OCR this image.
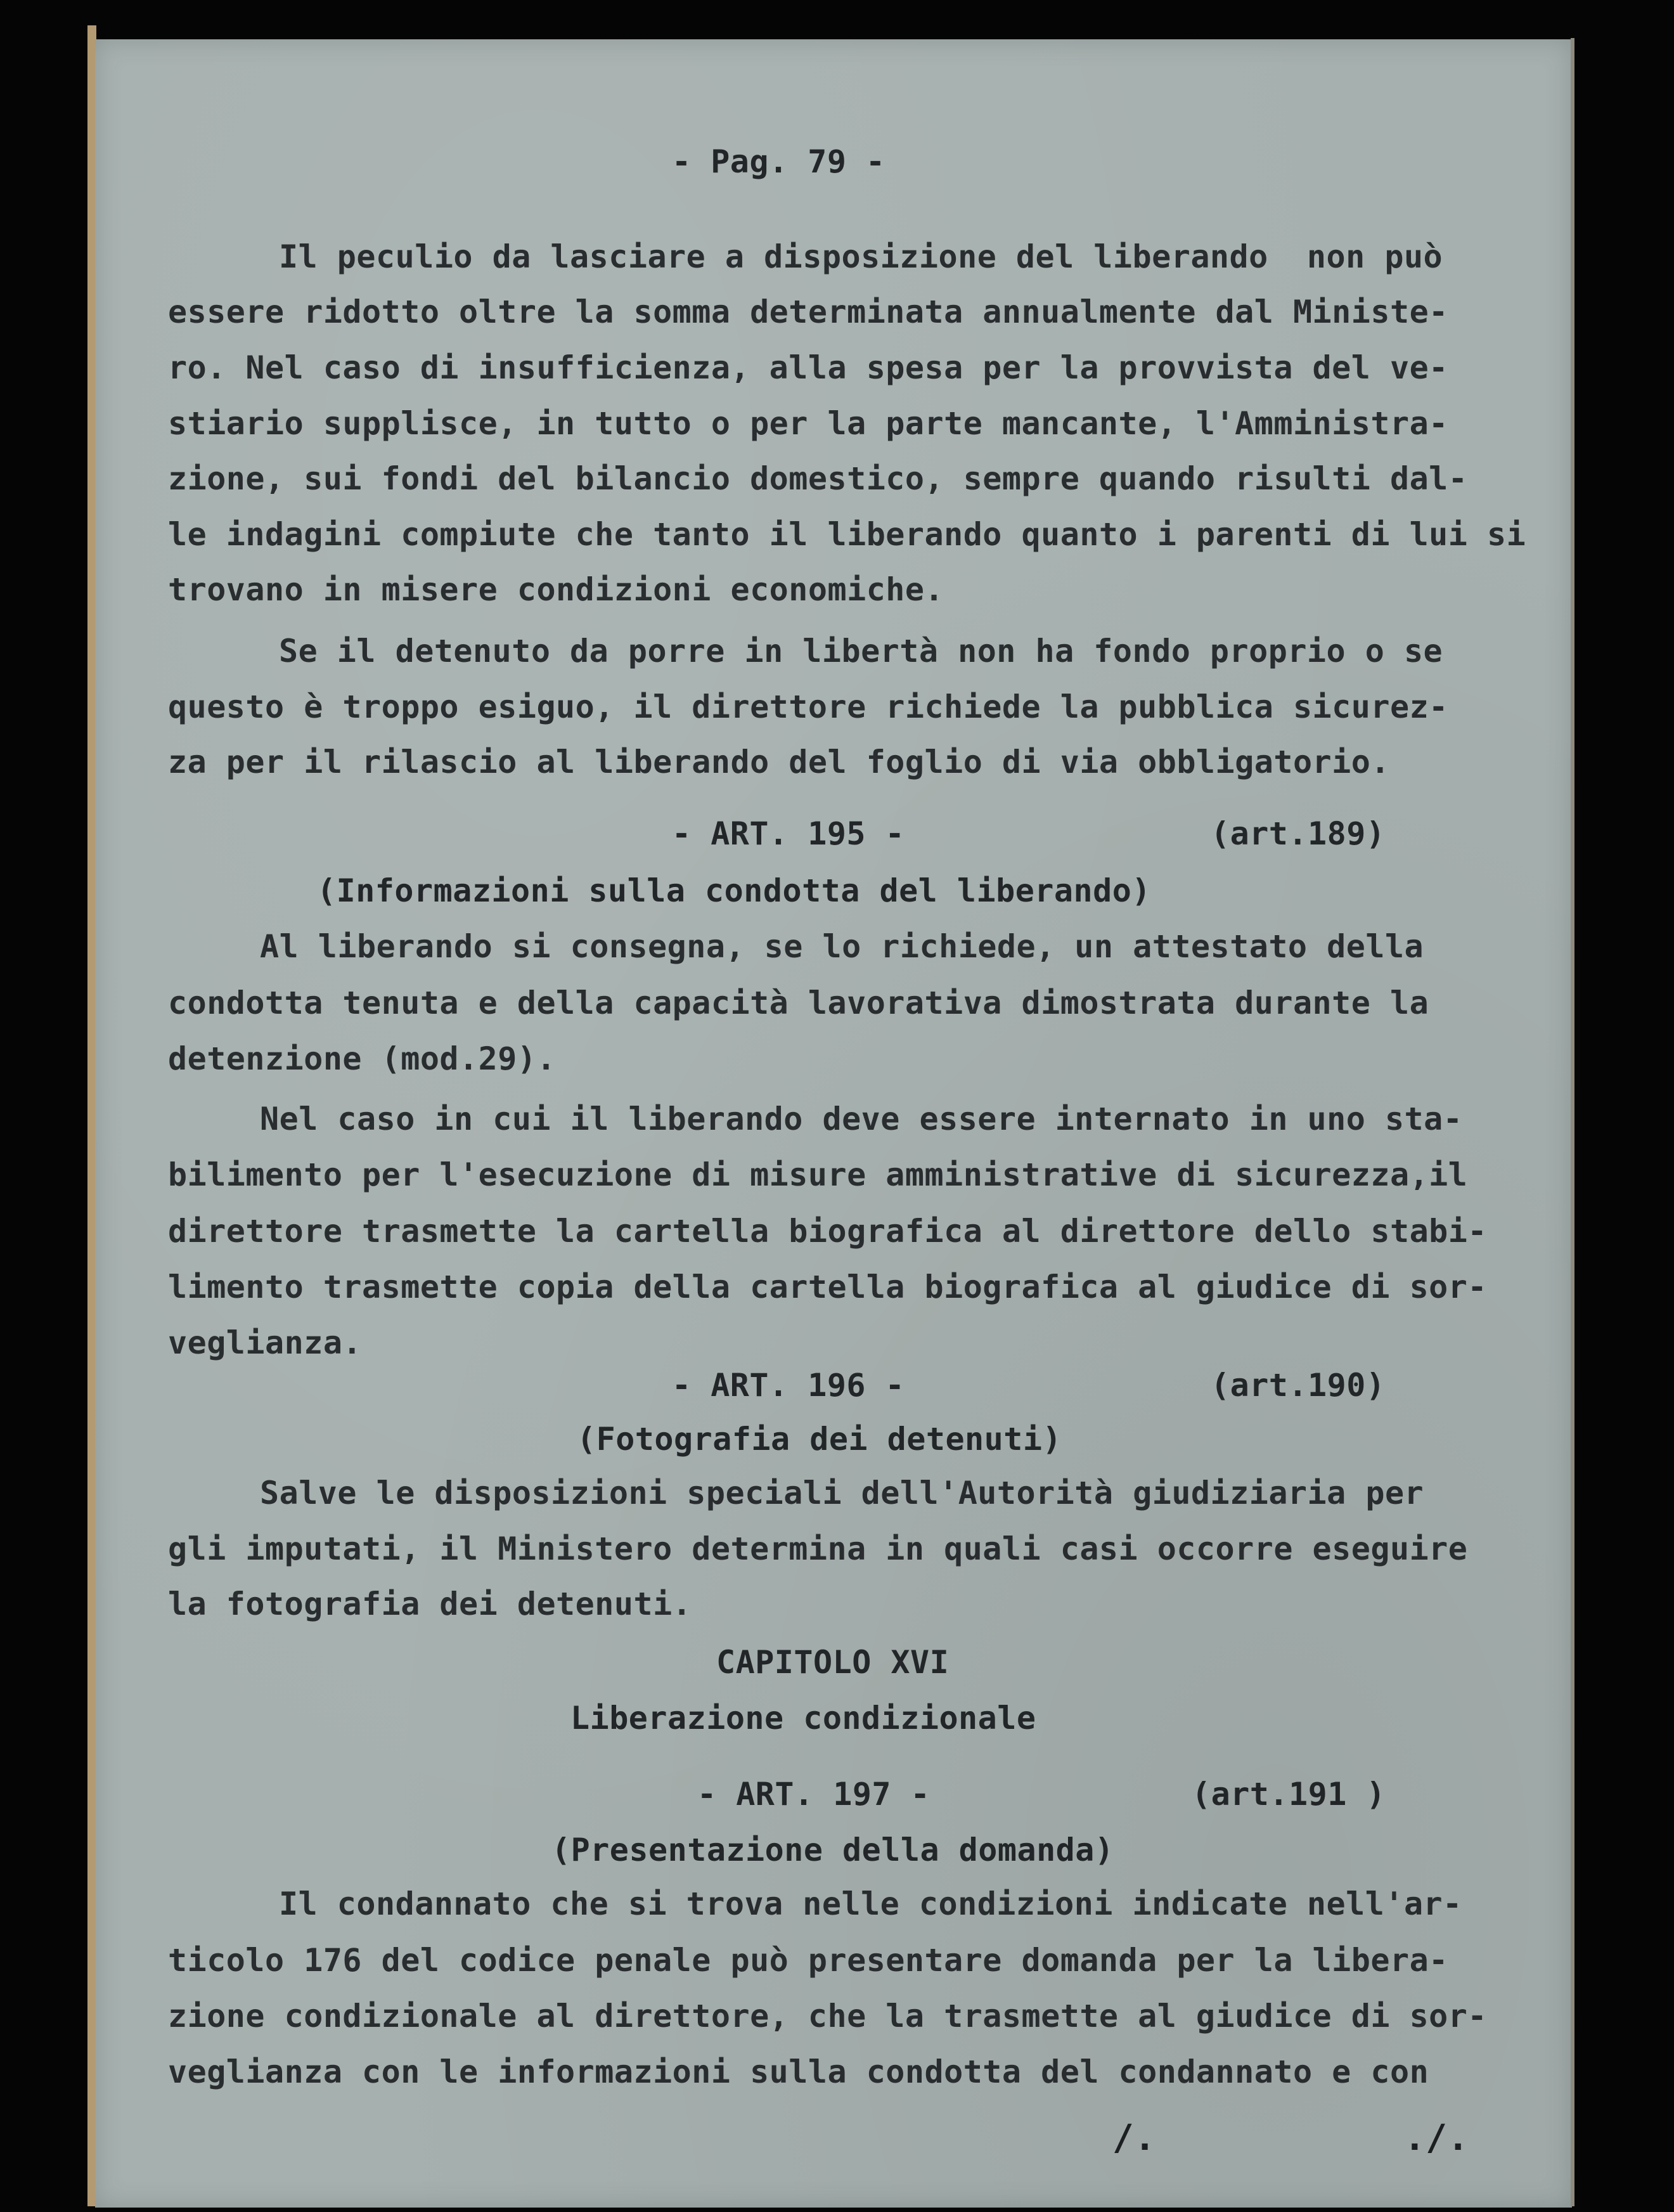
- Pag. 79 -
Il peculio da lasciare a disposizione del liberando  non può
essere ridotto oltre la somma determinata annualmente dal Ministe-
ro. Nel caso di insufficienza, alla spesa per la provvista del ve-
stiario supplisce, in tutto o per la parte mancante, l'Amministra-
zione, sui fondi del bilancio domestico, sempre quando risulti dal-
le indagini compiute che tanto il liberando quanto i parenti di lui si
trovano in misere condizioni economiche.
Se il detenuto da porre in libertà non ha fondo proprio o se
questo è troppo esiguo, il direttore richiede la pubblica sicurez-
za per il rilascio al liberando del foglio di via obbligatorio.
- ART. 195 -	(art.189)
(Informazioni sulla condotta del liberando)
Al liberando si consegna, se lo richiede, un attestato della
condotta tenuta e della capacità lavorativa dimostrata durante la
detenzione (mod.29).
Nel caso in cui il liberando deve essere internato in uno sta-
bilimento per l'esecuzione di misure amministrative di sicurezza,il
direttore trasmette la cartella biografica al direttore dello stabi-
limento trasmette copia della cartella biografica al giudice di sor-
veglianza.
- ART. 196 -	(art.190)
(Fotografia dei detenuti)
Salve le disposizioni speciali dell'Autorità giudiziaria per
gli imputati, il Ministero determina in quali casi occorre eseguire
la fotografia dei detenuti.
CAPITOLO XVI
Liberazione condizionale
- ART. 197 -	(art.191 )
(Presentazione della domanda)
Il condannato che si trova nelle condizioni indicate nell'ar-
ticolo 176 del codice penale può presentare domanda per la libera-
zione condizionale al direttore, che la trasmette al giudice di sor-
veglianza con le informazioni sulla condotta del condannato e con
/.	./.
